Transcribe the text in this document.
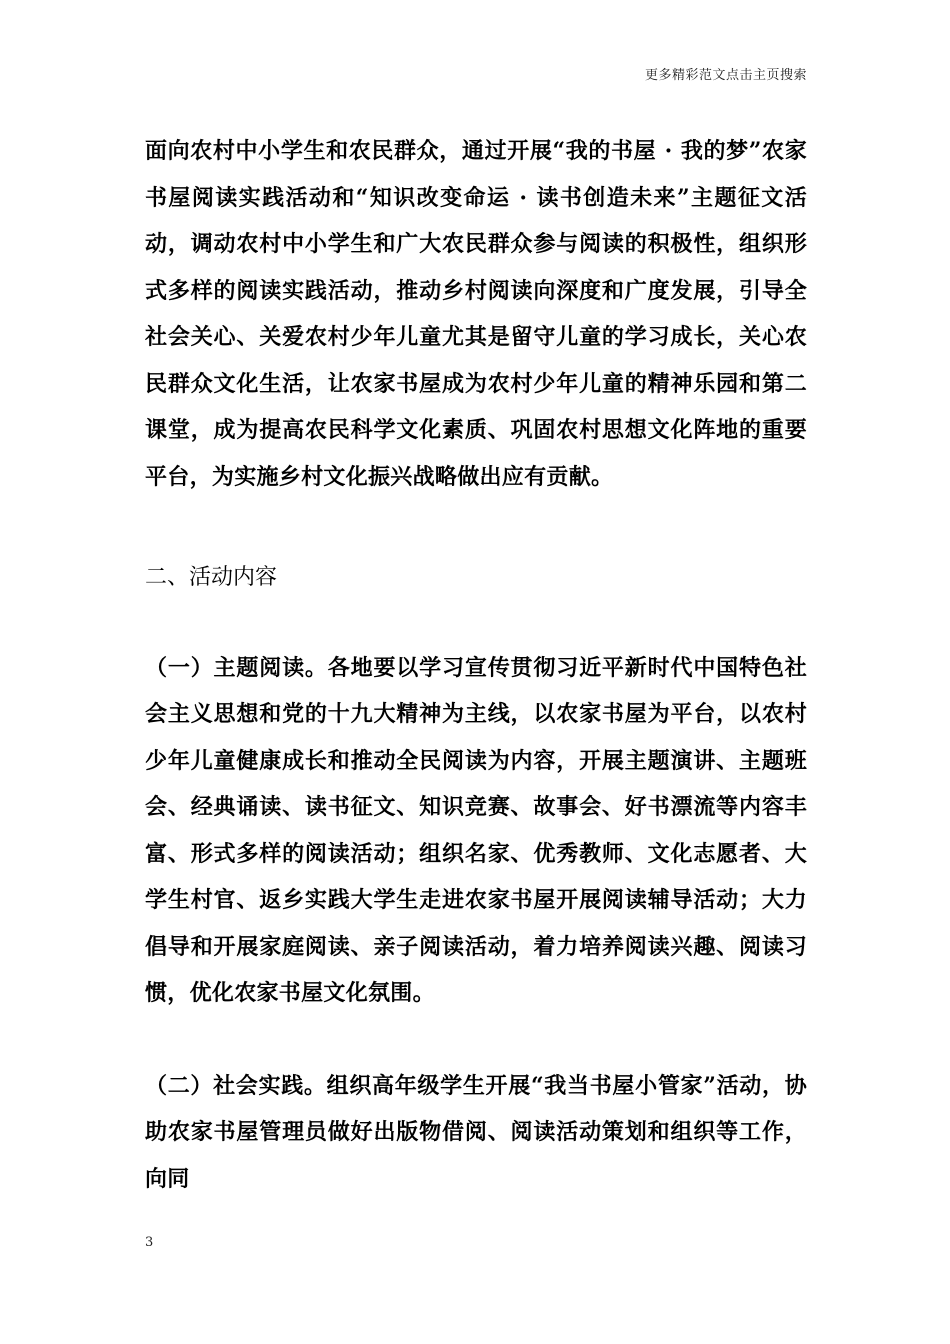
更多精彩范文点击主页搜索

面向农村中小学生和农民群众，通过开展“我的书屋 · 我的梦”农家书屋阅读实践活动和“知识改变命运 · 读书创造未来”主题征文活动，调动农村中小学生和广大农民群众参与阅读的积极性，组织形式多样的阅读实践活动，推动乡村阅读向深度和广度发展，引导全社会关心、关爱农村少年儿童尤其是留守儿童的学习成长，关心农民群众文化生活，让农家书屋成为农村少年儿童的精神乐园和第二课堂，成为提高农民科学文化素质、巩固农村思想文化阵地的重要平台，为实施乡村文化振兴战略做出应有贡献。

二、活动内容

（一）主题阅读。各地要以学习宣传贯彻习近平新时代中国特色社会主义思想和党的十九大精神为主线，以农家书屋为平台，以农村少年儿童健康成长和推动全民阅读为内容，开展主题演讲、主题班会、经典诵读、读书征文、知识竞赛、故事会、好书漂流等内容丰富、形式多样的阅读活动；组织名家、优秀教师、文化志愿者、大学生村官、返乡实践大学生走进农家书屋开展阅读辅导活动；大力倡导和开展家庭阅读、亲子阅读活动，着力培养阅读兴趣、阅读习惯，优化农家书屋文化氛围。

（二）社会实践。组织高年级学生开展“我当书屋小管家”活动，协助农家书屋管理员做好出版物借阅、阅读活动策划和组织等工作，向同

3
